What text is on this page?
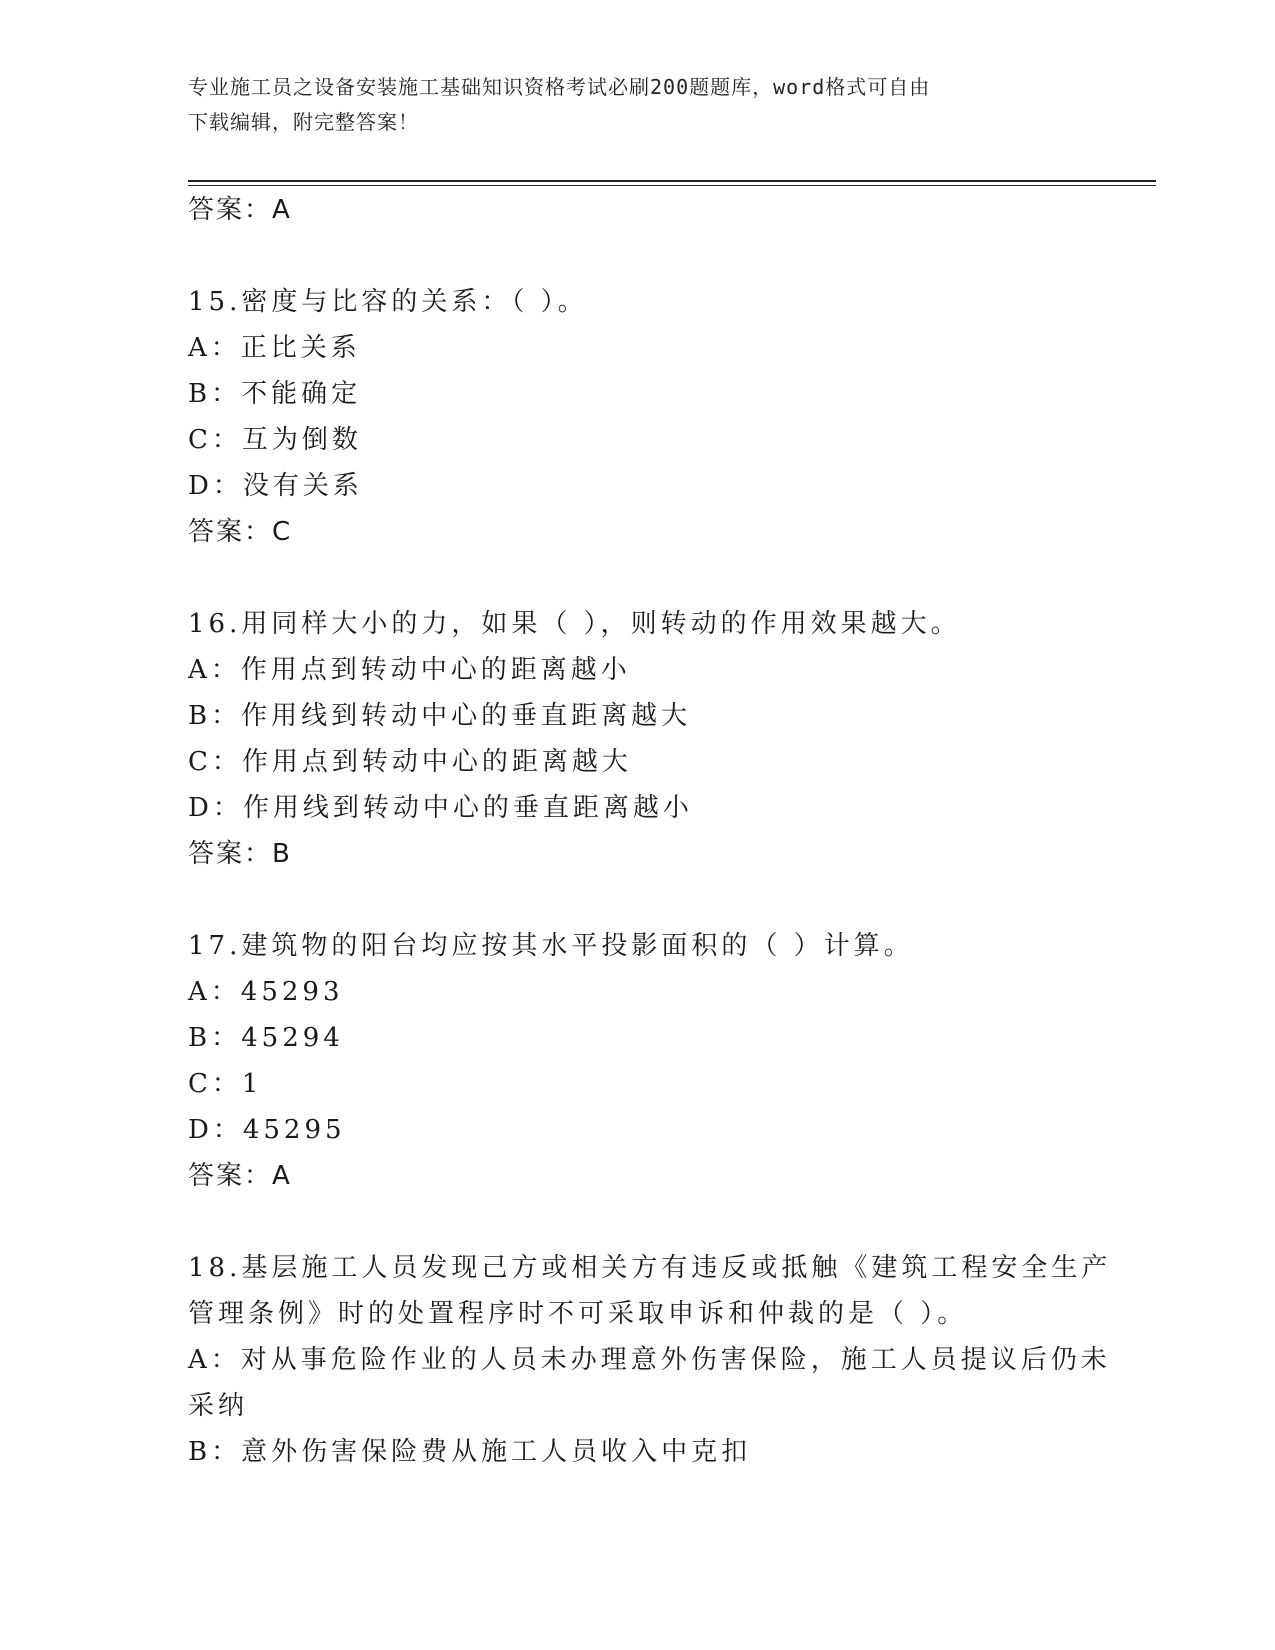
专业施工员之设备安装施工基础知识资格考试必刷200题题库，word格式可自由
下载编辑，附完整答案！
答案：A
15.密度与比容的关系：（ ）。
A：正比关系
B：不能确定
C：互为倒数
D：没有关系
答案：C
16.用同样大小的力，如果（ ），则转动的作用效果越大。
A：作用点到转动中心的距离越小
B：作用线到转动中心的垂直距离越大
C：作用点到转动中心的距离越大
D：作用线到转动中心的垂直距离越小
答案：B
17.建筑物的阳台均应按其水平投影面积的（ ）计算。
A：45293
B：45294
C：1
D：45295
答案：A
18.基层施工人员发现己方或相关方有违反或抵触《建筑工程安全生产
管理条例》时的处置程序时不可采取申诉和仲裁的是（ ）。
A：对从事危险作业的人员未办理意外伤害保险，施工人员提议后仍未
采纳
B：意外伤害保险费从施工人员收入中克扣
